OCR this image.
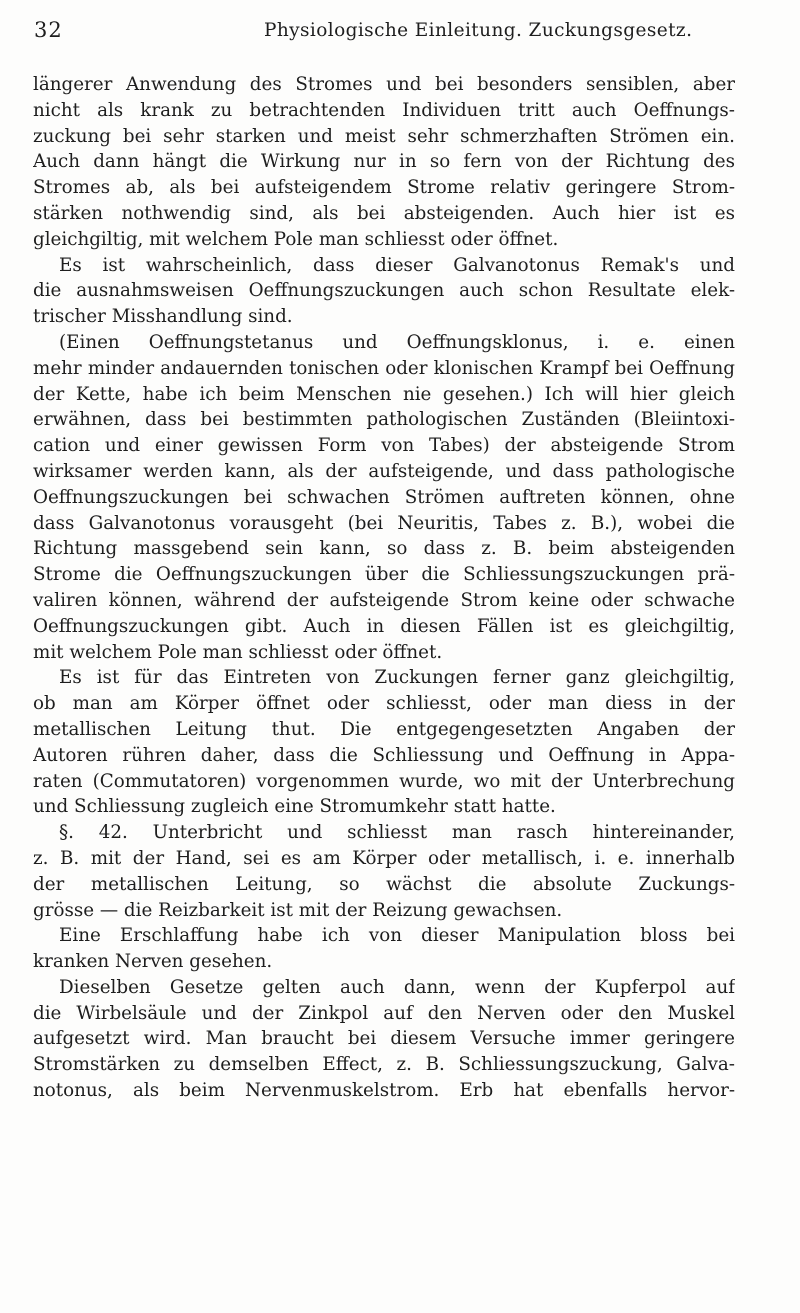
32	Physiologische Einleitung. Zuckungsgesetz.
längerer Anwendung des Stromes und bei besonders sensiblen, aber
nicht als krank zu betrachtenden Individuen tritt auch Oeffnungs-
zuckung bei sehr starken und meist sehr schmerzhaften Strömen ein.
Auch dann hängt die Wirkung nur in so fern von der Richtung des
Stromes ab, als bei aufsteigendem Strome relativ geringere Strom-
stärken nothwendig sind, als bei absteigenden. Auch hier ist es
gleichgiltig, mit welchem Pole man schliesst oder öffnet.
Es ist wahrscheinlich, dass dieser Galvanotonus Remak's und
die ausnahmsweisen Oeffnungszuckungen auch schon Resultate elek-
trischer Misshandlung sind.
(Einen Oeffnungstetanus und Oeffnungsklonus, i. e. einen
mehr minder andauernden tonischen oder klonischen Krampf bei Oeffnung
der Kette, habe ich beim Menschen nie gesehen.) Ich will hier gleich
erwähnen, dass bei bestimmten pathologischen Zuständen (Bleiintoxi-
cation und einer gewissen Form von Tabes) der absteigende Strom
wirksamer werden kann, als der aufsteigende, und dass pathologische
Oeffnungszuckungen bei schwachen Strömen auftreten können, ohne
dass Galvanotonus vorausgeht (bei Neuritis, Tabes z. B.), wobei die
Richtung massgebend sein kann, so dass z. B. beim absteigenden
Strome die Oeffnungszuckungen über die Schliessungszuckungen prä-
valiren können, während der aufsteigende Strom keine oder schwache
Oeffnungszuckungen gibt. Auch in diesen Fällen ist es gleichgiltig,
mit welchem Pole man schliesst oder öffnet.
Es ist für das Eintreten von Zuckungen ferner ganz gleichgiltig,
ob man am Körper öffnet oder schliesst, oder man diess in der
metallischen Leitung thut. Die entgegengesetzten Angaben der
Autoren rühren daher, dass die Schliessung und Oeffnung in Appa-
raten (Commutatoren) vorgenommen wurde, wo mit der Unterbrechung
und Schliessung zugleich eine Stromumkehr statt hatte.
§. 42. Unterbricht und schliesst man rasch hintereinander,
z. B. mit der Hand, sei es am Körper oder metallisch, i. e. innerhalb
der metallischen Leitung, so wächst die absolute Zuckungs-
grösse — die Reizbarkeit ist mit der Reizung gewachsen.
Eine Erschlaffung habe ich von dieser Manipulation bloss bei
kranken Nerven gesehen.
Dieselben Gesetze gelten auch dann, wenn der Kupferpol auf
die Wirbelsäule und der Zinkpol auf den Nerven oder den Muskel
aufgesetzt wird. Man braucht bei diesem Versuche immer geringere
Stromstärken zu demselben Effect, z. B. Schliessungszuckung, Galva-
notonus, als beim Nervenmuskelstrom. Erb hat ebenfalls hervor-
